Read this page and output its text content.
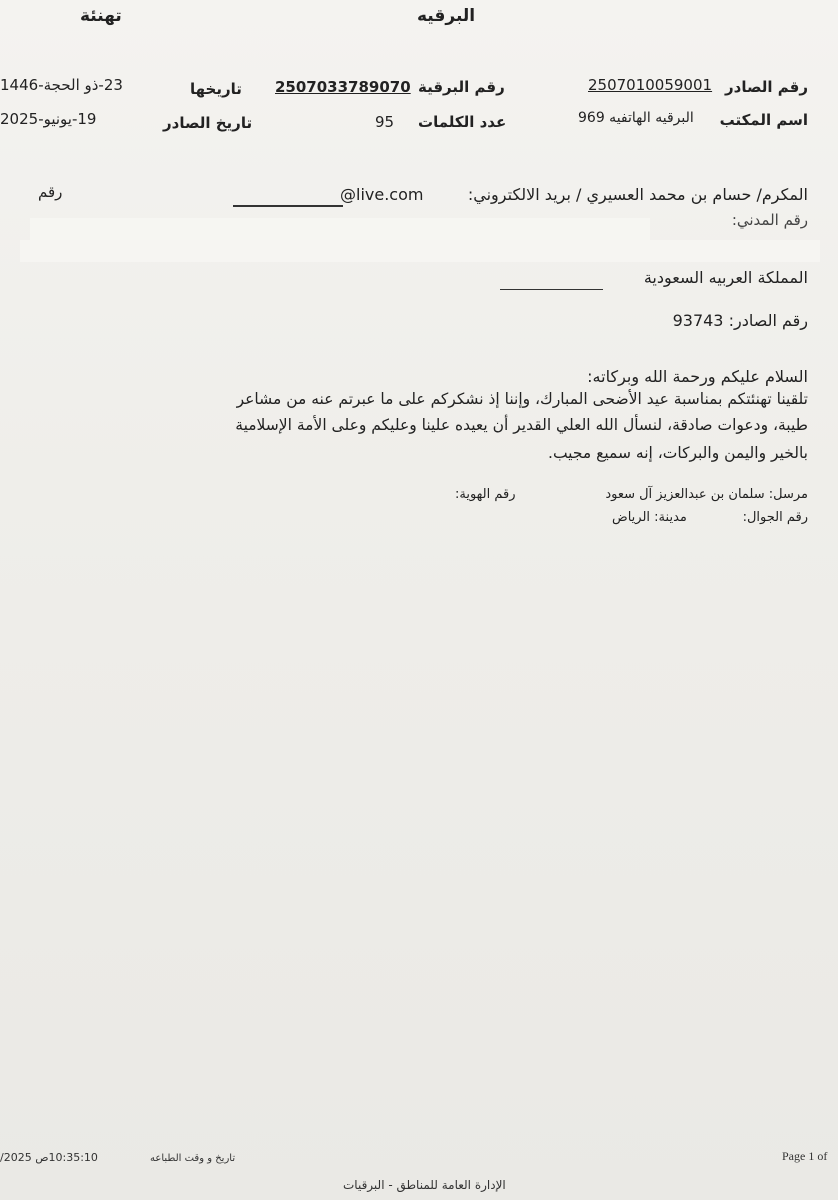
تهنئة	البرقيه
رقم الصادر
2507010059001
رقم البرقية
2507033789070
تاريخها
23-ذو الحجة-1446
اسم المكتب
البرقيه الهاتفيه 969
عدد الكلمات
95
تاريخ الصادر
19-يونيو-2025
المكرم/ حسام بن محمد العسيري / بريد الالكتروني:
@live.com
رقم
رقم المدني:
المملكة العربيه السعودية
رقم الصادر: 93743
السلام عليكم ورحمة الله وبركاته:
تلقينا تهنئتكم بمناسبة عيد الأضحى المبارك، وإننا إذ نشكركم على ما عبرتم عنه من مشاعر
طيبة، ودعوات صادقة، لنسأل الله العلي القدير أن يعيده علينا وعليكم وعلى الأمة الإسلامية
بالخير واليمن والبركات، إنه سميع مجيب.
مرسل: سلمان بن عبدالعزيز آل سعود
رقم الهوية:
رقم الجوال:
مدينة: الرياض
Page 1 of
تاريخ و وقت الطباعه
10:35:10ص 2025/
الإدارة العامة للمناطق - البرقيات
